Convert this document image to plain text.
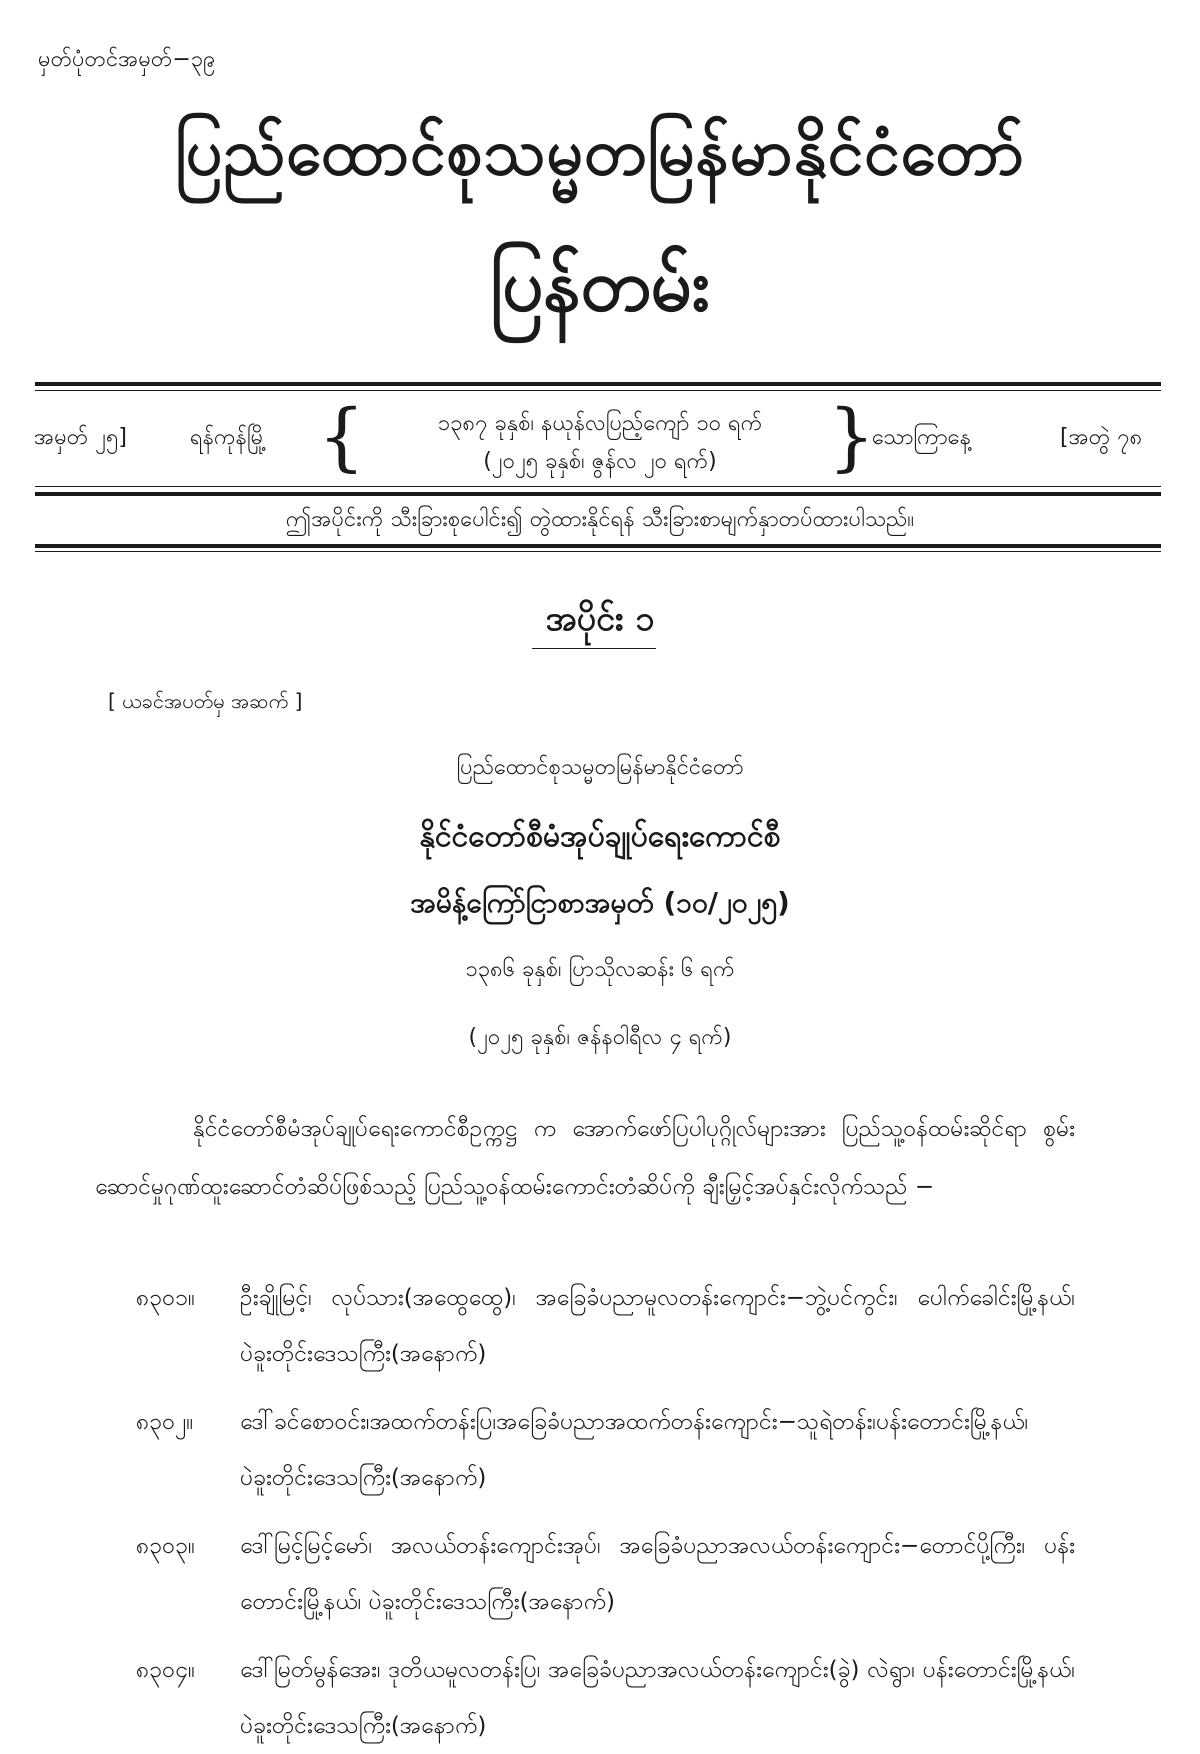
မှတ်ပုံတင်အမှတ်−၃၉
ပြည်ထောင်စုသမ္မတမြန်မာနိုင်ငံတော်
ပြန်တမ်း
အမှတ် ၂၅]	ရန်ကုန်မြို့ {	၁၃၈၇ ခုနှစ်၊ နယုန်လပြည့်ကျော် ၁၀ ရက်
(၂၀၂၅ ခုနှစ်၊ ဇွန်လ ၂၀ ရက်)	}
သောကြာနေ့	[အတွဲ ၇၈
ဤအပိုင်းကို သီးခြားစုပေါင်း၍ တွဲထားနိုင်ရန် သီးခြားစာမျက်နှာတပ်ထားပါသည်။
အပိုင်း ၁
[ ယခင်အပတ်မှ အဆက် ]
ပြည်ထောင်စုသမ္မတမြန်မာနိုင်ငံတော်
နိုင်ငံတော်စီမံအုပ်ချုပ်ရေးကောင်စီ
အမိန့်ကြော်ငြာစာအမှတ် (၁၀/၂၀၂၅)
၁၃၈၆ ခုနှစ်၊ ပြာသိုလဆန်း ၆ ရက်
(၂၀၂၅ ခုနှစ်၊ ဇန်နဝါရီလ ၄ ရက်)
နိုင်ငံတော်စီမံအုပ်ချုပ်ရေးကောင်စီဥက္ကဋ္ဌ က အောက်ဖော်ပြပါပုဂ္ဂိုလ်များအား ပြည်သူ့ဝန်ထမ်းဆိုင်ရာ စွမ်းဆောင်မှုဂုဏ်ထူးဆောင်တံဆိပ်ဖြစ်သည့် ပြည်သူ့ဝန်ထမ်းကောင်းတံဆိပ်ကို ချီးမြှင့်အပ်နှင်းလိုက်သည် −
၈၃၀၁။ ဦးချိုမြင့်၊ လုပ်သား(အထွေထွေ)၊ အခြေခံပညာမူလတန်းကျောင်း−ဘွဲ့ပင်ကွင်း၊ ပေါက်ခေါင်းမြို့နယ်၊ ပဲခူးတိုင်းဒေသကြီး(အနောက်)
၈၃၀၂။ ဒေါ်ခင်စောဝင်း၊အထက်တန်းပြ၊အခြေခံပညာအထက်တန်းကျောင်း−သူရဲတန်း၊ပန်းတောင်းမြို့နယ်၊ ပဲခူးတိုင်းဒေသကြီး(အနောက်)
၈၃၀၃။ ဒေါ်မြင့်မြင့်မော်၊ အလယ်တန်းကျောင်းအုပ်၊ အခြေခံပညာအလယ်တန်းကျောင်း−တောင်ပို့ကြီး၊ ပန်းတောင်းမြို့နယ်၊ ပဲခူးတိုင်းဒေသကြီး(အနောက်)
၈၃၀၄။ ဒေါ်မြတ်မွန်အေး၊ ဒုတိယမူလတန်းပြ၊ အခြေခံပညာအလယ်တန်းကျောင်း(ခွဲ) လဲရွာ၊ ပန်းတောင်းမြို့နယ်၊ ပဲခူးတိုင်းဒေသကြီး(အနောက်)
